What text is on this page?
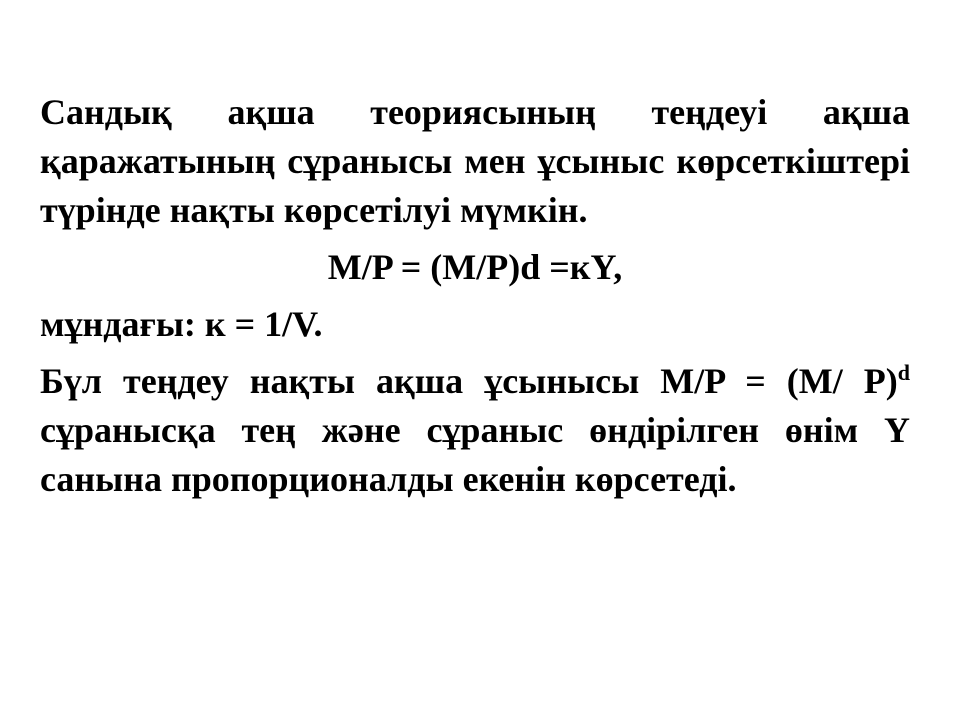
Сандық ақша теориясының теңдеуі ақша қаражатының сұранысы мен ұсыныс көрсеткіштері түрінде нақты көрсетілуі мүмкін.

M/P = (M/P)d =кY,

мұндағы: к = 1/V.

Бүл теңдеу нақты ақша ұсынысы M/P = (M/ P)$^d$ сұранысқа тең және сұраныс өндірілген өнім Y санына пропорционалды екенін көрсетеді.
